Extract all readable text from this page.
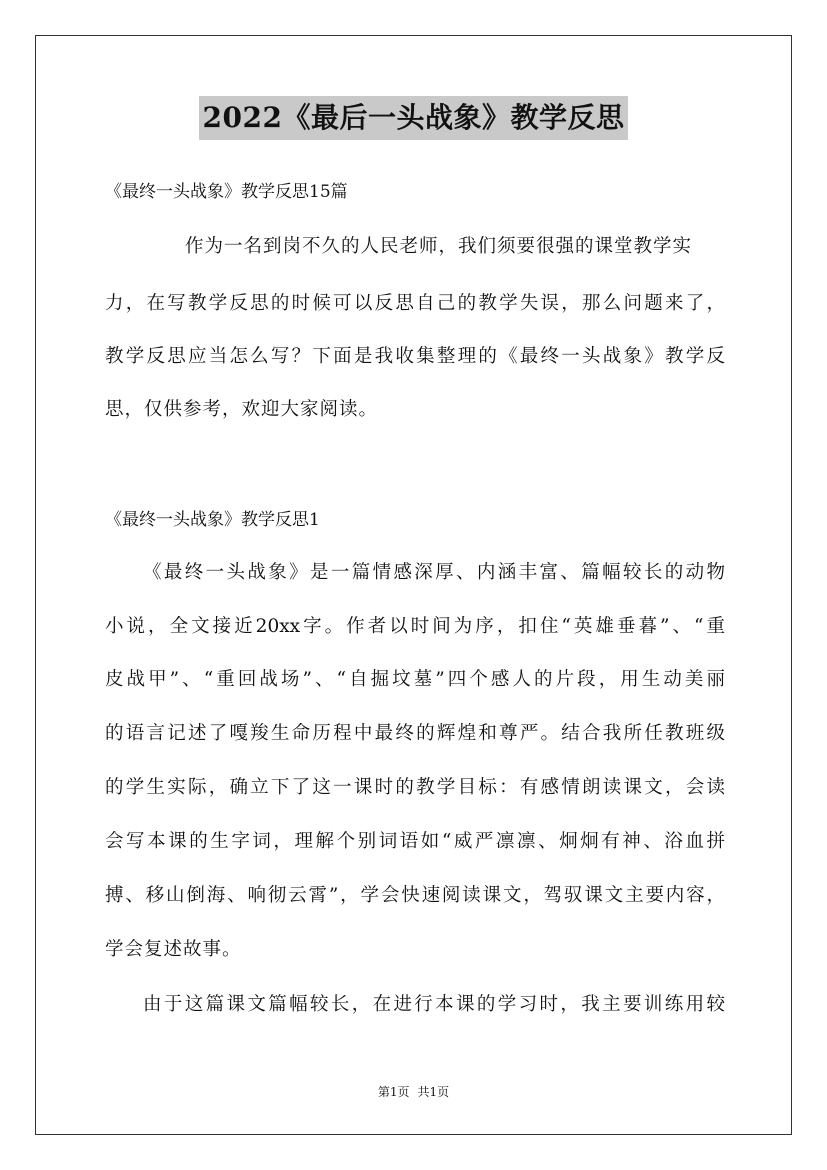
2022《最后一头战象》教学反思
《最终一头战象》教学反思15篇
作为一名到岗不久的人民老师，我们须要很强的课堂教学实
力，在写教学反思的时候可以反思自己的教学失误，那么问题来了，
教学反思应当怎么写？下面是我收集整理的《最终一头战象》教学反
思，仅供参考，欢迎大家阅读。
《最终一头战象》教学反思1
《最终一头战象》是一篇情感深厚、内涵丰富、篇幅较长的动物
小说，全文接近20xx字。作者以时间为序，扣住“英雄垂暮”、“重
皮战甲”、“重回战场”、“自掘坟墓”四个感人的片段，用生动美丽
的语言记述了嘎羧生命历程中最终的辉煌和尊严。结合我所任教班级
的学生实际，确立下了这一课时的教学目标：有感情朗读课文，会读
会写本课的生字词，理解个别词语如“威严凛凛、炯炯有神、浴血拼
搏、移山倒海、响彻云霄”，学会快速阅读课文，驾驭课文主要内容，
学会复述故事。
由于这篇课文篇幅较长，在进行本课的学习时，我主要训练用较
第1页 共1页
